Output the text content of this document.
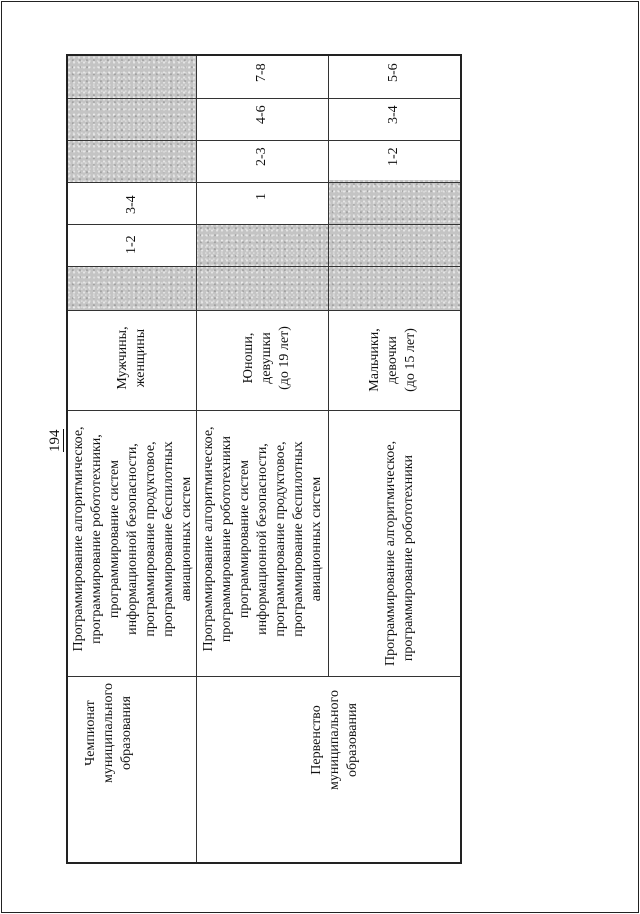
194
Чемпионат муниципального образования
Программирование алгоритмическое, программирование робототехники, программирование систем информационной безопасности, программирование продуктовое, программирование беспилотных авиационных систем
Мужчины, женщины
1-2
3-4
Первенство муниципального образования
Программирование алгоритмическое, программирование робототехники программирование систем информационной безопасности, программирование продуктовое, программирование беспилотных авиационных систем
Юноши, девушки (до 19 лет)
1
2-3
4-6
7-8
Программирование алгоритмическое, программирование робототехники
Мальчики, девочки (до 15 лет)
1-2
3-4
5-6
